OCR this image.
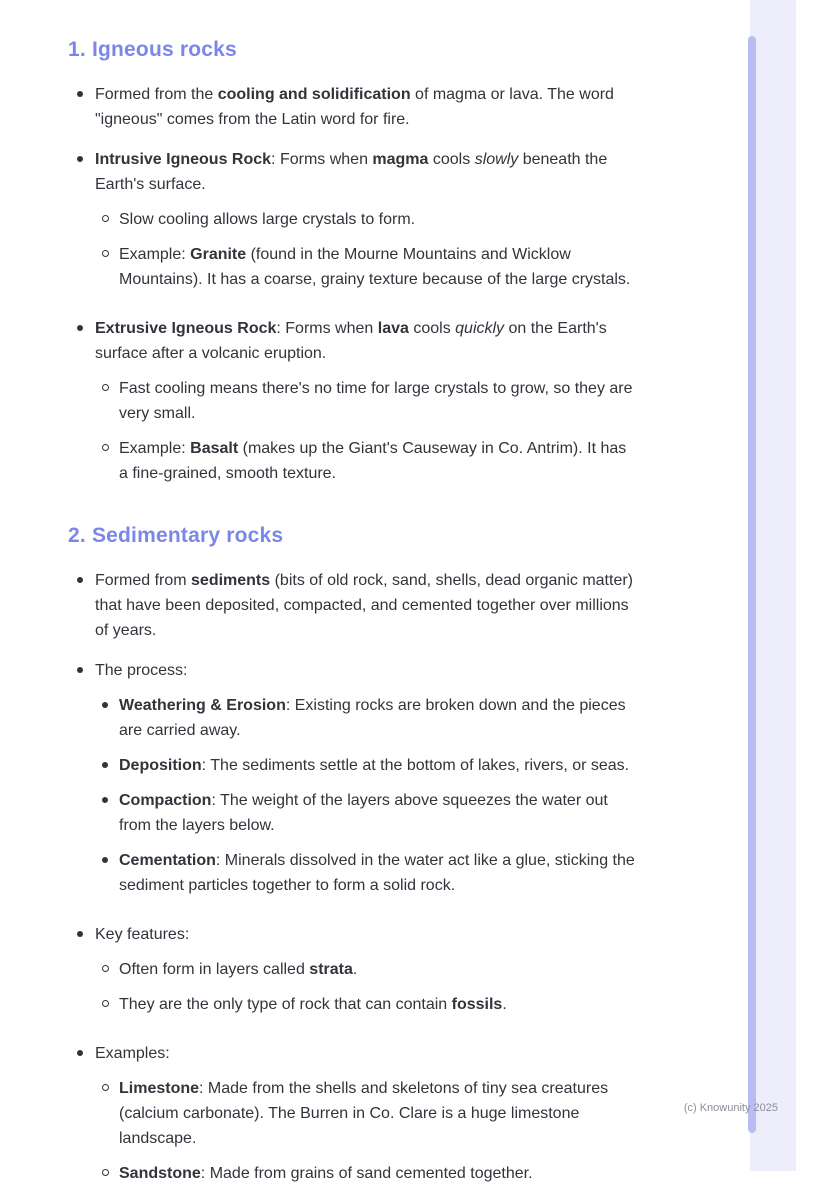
1. Igneous rocks
Formed from the cooling and solidification of magma or lava. The word "igneous" comes from the Latin word for fire.
Intrusive Igneous Rock: Forms when magma cools slowly beneath the Earth's surface.
Slow cooling allows large crystals to form.
Example: Granite (found in the Mourne Mountains and Wicklow Mountains). It has a coarse, grainy texture because of the large crystals.
Extrusive Igneous Rock: Forms when lava cools quickly on the Earth's surface after a volcanic eruption.
Fast cooling means there's no time for large crystals to grow, so they are very small.
Example: Basalt (makes up the Giant's Causeway in Co. Antrim). It has a fine-grained, smooth texture.
2. Sedimentary rocks
Formed from sediments (bits of old rock, sand, shells, dead organic matter) that have been deposited, compacted, and cemented together over millions of years.
The process:
Weathering & Erosion: Existing rocks are broken down and the pieces are carried away.
Deposition: The sediments settle at the bottom of lakes, rivers, or seas.
Compaction: The weight of the layers above squeezes the water out from the layers below.
Cementation: Minerals dissolved in the water act like a glue, sticking the sediment particles together to form a solid rock.
Key features:
Often form in layers called strata.
They are the only type of rock that can contain fossils.
Examples:
Limestone: Made from the shells and skeletons of tiny sea creatures (calcium carbonate). The Burren in Co. Clare is a huge limestone landscape.
Sandstone: Made from grains of sand cemented together.
(c) Knowunity 2025
